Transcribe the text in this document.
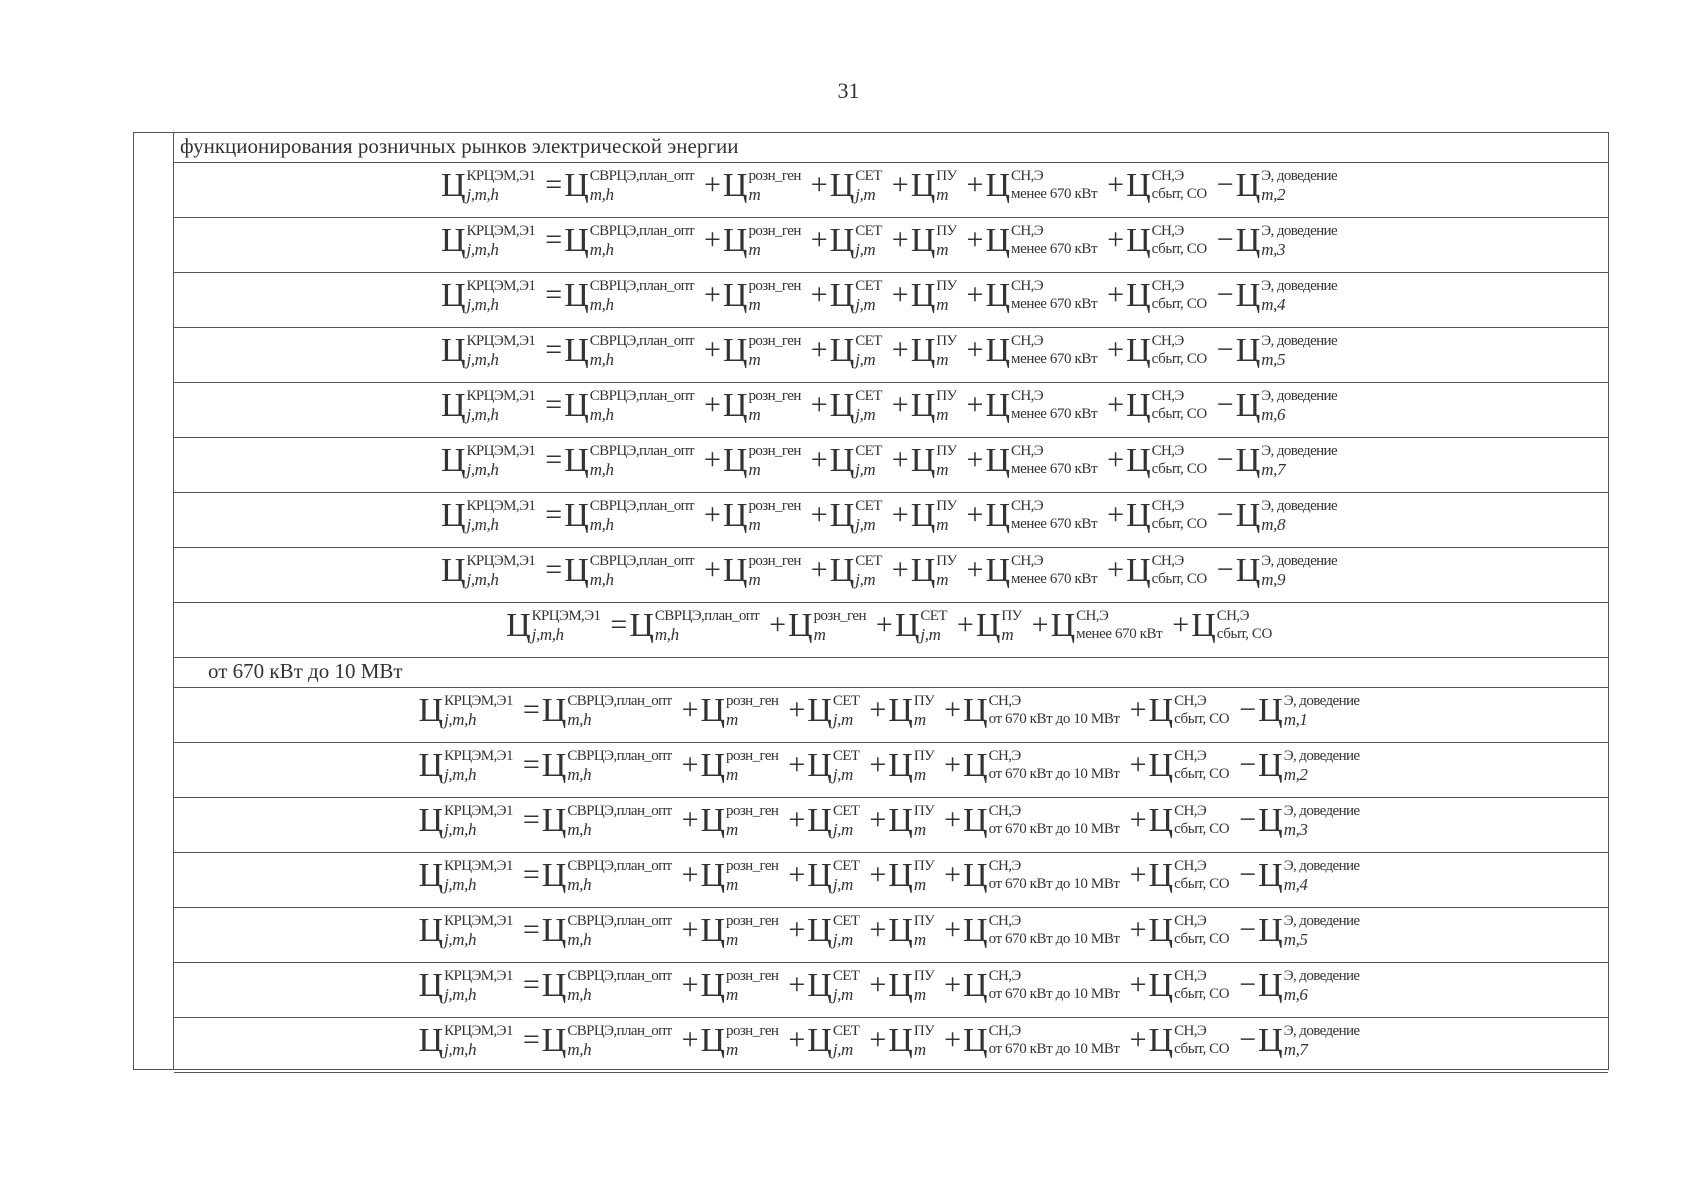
31
функционирования розничных рынков электрической энергии
Ц КРЦЭМ,Э1
j,m,h	= Ц СВРЦЭ,план_опт
m,h	+ Ц розн_ген
m	+ Ц СЕТ
j,m + Ц ПУ
m + Ц СН,Э
менее 670 кВт + Ц СН,Э
сбыт, СО − Ц Э, доведение
m,2
Ц КРЦЭМ,Э1
j,m,h	= Ц СВРЦЭ,план_опт
m,h	+ Ц розн_ген
m	+ Ц СЕТ
j,m + Ц ПУ
m + Ц СН,Э
менее 670 кВт + Ц СН,Э
сбыт, СО − Ц Э, доведение
m,3
Ц КРЦЭМ,Э1
j,m,h	= Ц СВРЦЭ,план_опт
m,h	+ Ц розн_ген
m	+ Ц СЕТ
j,m + Ц ПУ
m + Ц СН,Э
менее 670 кВт + Ц СН,Э
сбыт, СО − Ц Э, доведение
m,4
Ц КРЦЭМ,Э1
j,m,h	= Ц СВРЦЭ,план_опт
m,h	+ Ц розн_ген
m	+ Ц СЕТ
j,m + Ц ПУ
m + Ц СН,Э
менее 670 кВт + Ц СН,Э
сбыт, СО − Ц Э, доведение
m,5
Ц КРЦЭМ,Э1
j,m,h	= Ц СВРЦЭ,план_опт
m,h	+ Ц розн_ген
m	+ Ц СЕТ
j,m + Ц ПУ
m + Ц СН,Э
менее 670 кВт + Ц СН,Э
сбыт, СО − Ц Э, доведение
m,6
Ц КРЦЭМ,Э1
j,m,h	= Ц СВРЦЭ,план_опт
m,h	+ Ц розн_ген
m	+ Ц СЕТ
j,m + Ц ПУ
m + Ц СН,Э
менее 670 кВт + Ц СН,Э
сбыт, СО − Ц Э, доведение
m,7
Ц КРЦЭМ,Э1
j,m,h	= Ц СВРЦЭ,план_опт
m,h	+ Ц розн_ген
m	+ Ц СЕТ
j,m + Ц ПУ
m + Ц СН,Э
менее 670 кВт + Ц СН,Э
сбыт, СО − Ц Э, доведение
m,8
Ц КРЦЭМ,Э1
j,m,h	= Ц СВРЦЭ,план_опт
m,h	+ Ц розн_ген
m	+ Ц СЕТ
j,m + Ц ПУ
m + Ц СН,Э
менее 670 кВт + Ц СН,Э
сбыт, СО − Ц Э, доведение
m,9
Ц КРЦЭМ,Э1
j,m,h	= Ц СВРЦЭ,план_опт
m,h	+ Ц розн_ген
m	+ Ц СЕТ
j,m + Ц ПУ
m + Ц СН,Э
менее 670 кВт + Ц СН,Э
сбыт, СО
от 670 кВт до 10 МВт
Ц КРЦЭМ,Э1
j,m,h	= Ц СВРЦЭ,план_опт
m,h	+ Ц розн_ген
m	+ Ц СЕТ
j,m + Ц ПУ
m + Ц СН,Э
от 670 кВт до 10 МВт + Ц СН,Э
сбыт, СО − Ц Э, доведение
m,1
Ц КРЦЭМ,Э1
j,m,h	= Ц СВРЦЭ,план_опт
m,h	+ Ц розн_ген
m	+ Ц СЕТ
j,m + Ц ПУ
m + Ц СН,Э
от 670 кВт до 10 МВт + Ц СН,Э
сбыт, СО − Ц Э, доведение
m,2
Ц КРЦЭМ,Э1
j,m,h	= Ц СВРЦЭ,план_опт
m,h	+ Ц розн_ген
m	+ Ц СЕТ
j,m + Ц ПУ
m + Ц СН,Э
от 670 кВт до 10 МВт + Ц СН,Э
сбыт, СО − Ц Э, доведение
m,3
Ц КРЦЭМ,Э1
j,m,h	= Ц СВРЦЭ,план_опт
m,h	+ Ц розн_ген
m	+ Ц СЕТ
j,m + Ц ПУ
m + Ц СН,Э
от 670 кВт до 10 МВт + Ц СН,Э
сбыт, СО − Ц Э, доведение
m,4
Ц КРЦЭМ,Э1
j,m,h	= Ц СВРЦЭ,план_опт
m,h	+ Ц розн_ген
m	+ Ц СЕТ
j,m + Ц ПУ
m + Ц СН,Э
от 670 кВт до 10 МВт + Ц СН,Э
сбыт, СО − Ц Э, доведение
m,5
Ц КРЦЭМ,Э1
j,m,h	= Ц СВРЦЭ,план_опт
m,h	+ Ц розн_ген
m	+ Ц СЕТ
j,m + Ц ПУ
m + Ц СН,Э
от 670 кВт до 10 МВт + Ц СН,Э
сбыт, СО − Ц Э, доведение
m,6
Ц КРЦЭМ,Э1
j,m,h	= Ц СВРЦЭ,план_опт
m,h	+ Ц розн_ген
m	+ Ц СЕТ
j,m + Ц ПУ
m + Ц СН,Э
от 670 кВт до 10 МВт + Ц СН,Э
сбыт, СО − Ц Э, доведение
m,7
